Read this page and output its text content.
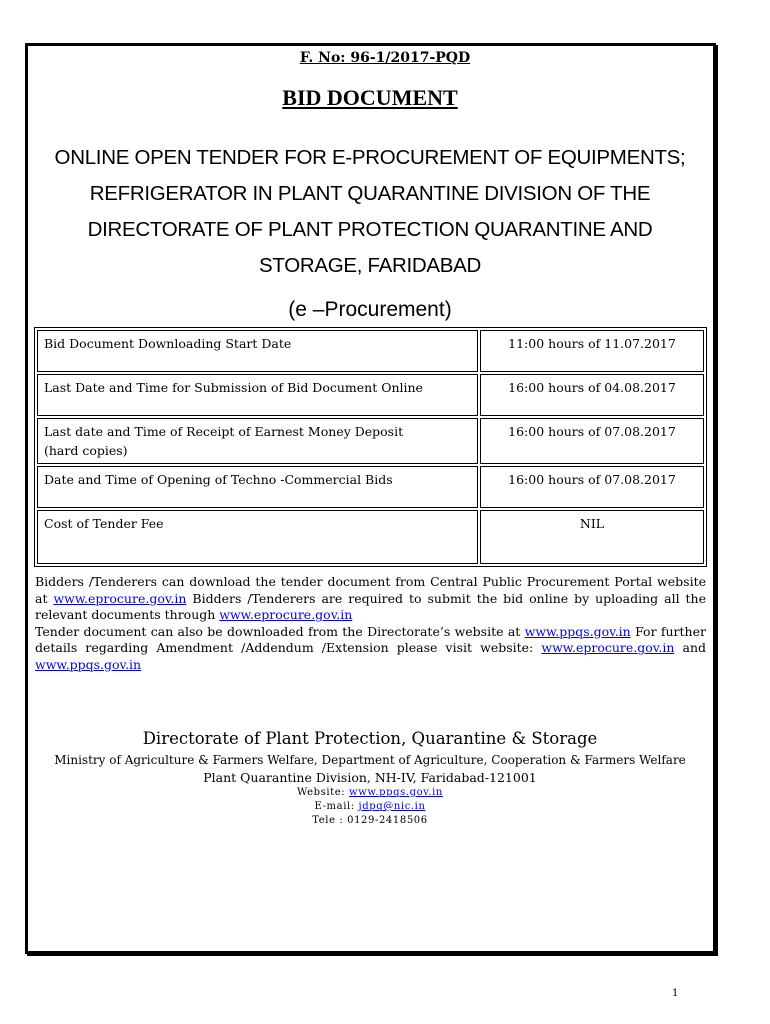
F. No: 96-1/2017-PQD
BID DOCUMENT
ONLINE OPEN TENDER FOR E-PROCUREMENT OF EQUIPMENTS;
REFRIGERATOR IN PLANT QUARANTINE DIVISION OF THE
DIRECTORATE OF PLANT PROTECTION QUARANTINE AND
STORAGE, FARIDABAD
(e –Procurement)
Bid Document Downloading Start Date	11:00 hours of 11.07.2017
Last Date and Time for Submission of Bid Document Online	16:00 hours of 04.08.2017
Last date and Time of Receipt of Earnest Money Deposit
(hard copies)	16:00 hours of 07.08.2017
Date and Time of Opening of Techno -Commercial Bids	16:00 hours of 07.08.2017
Cost of Tender Fee	NIL

Bidders /Tenderers can download the tender document from Central Public Procurement Portal website at www.eprocure.gov.in Bidders /Tenderers are required to submit the bid online by uploading all the relevant documents through www.eprocure.gov.in

Tender document can also be downloaded from the Directorate’s website at www.ppqs.gov.in For further details regarding Amendment /Addendum /Extension please visit website: www.eprocure.gov.in and www.ppqs.gov.in

Directorate of Plant Protection, Quarantine & Storage
Ministry of Agriculture & Farmers Welfare, Department of Agriculture, Cooperation & Farmers Welfare
Plant Quarantine Division, NH-IV, Faridabad-121001
Website: www.ppqs.gov.in
E-mail: jdpq@nic.in
Tele : 0129-2418506
1
